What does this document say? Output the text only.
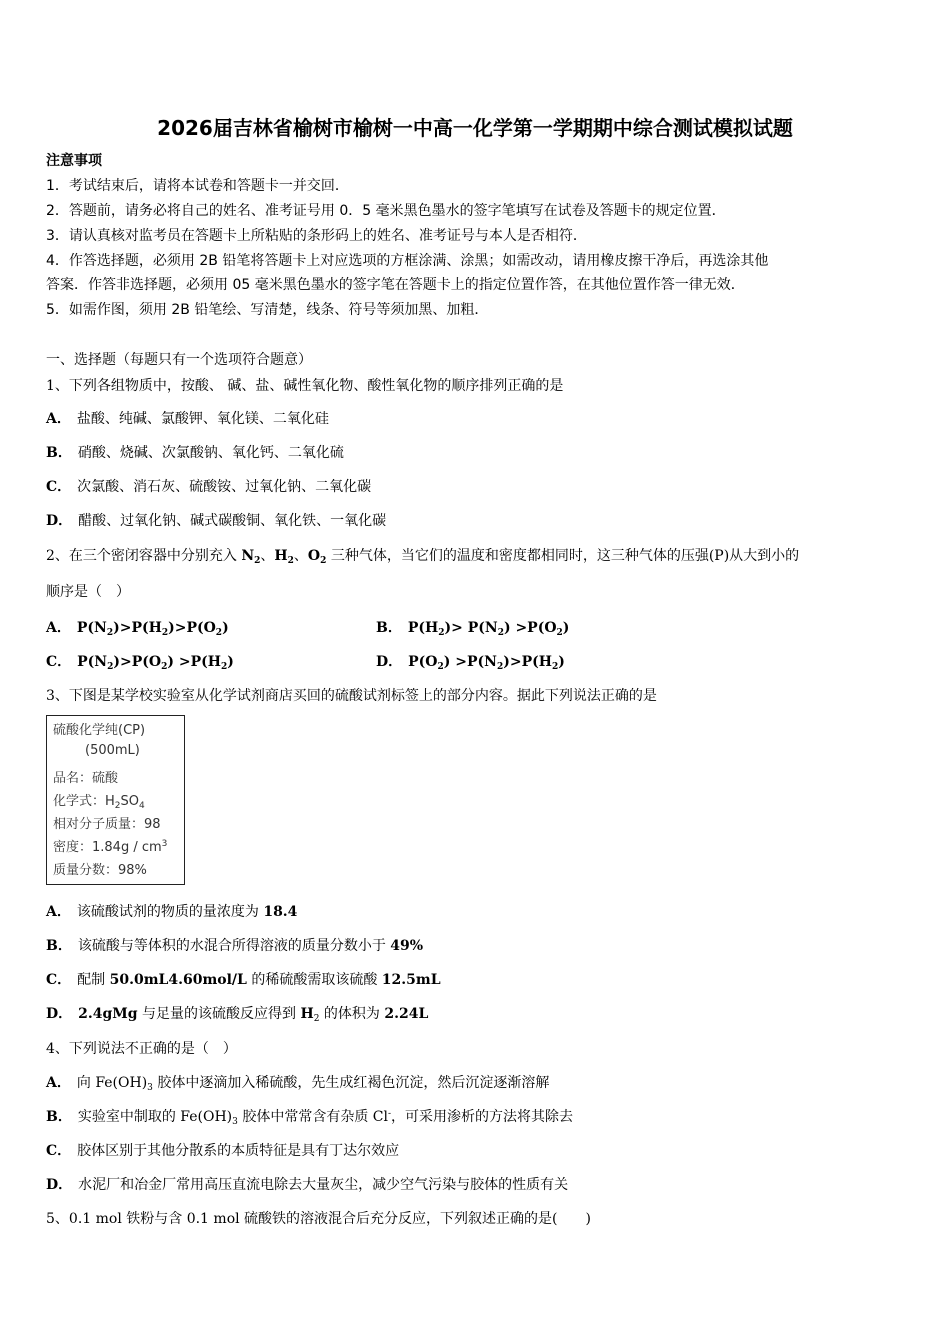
2026届吉林省榆树市榆树一中高一化学第一学期期中综合测试模拟试题
注意事项
1．考试结束后，请将本试卷和答题卡一并交回．
2．答题前，请务必将自己的姓名、准考证号用 0．5 毫米黑色墨水的签字笔填写在试卷及答题卡的规定位置．
3．请认真核对监考员在答题卡上所粘贴的条形码上的姓名、准考证号与本人是否相符．
4．作答选择题，必须用 2B 铅笔将答题卡上对应选项的方框涂满、涂黑；如需改动，请用橡皮擦干净后，再选涂其他
答案．作答非选择题，必须用 05 毫米黑色墨水的签字笔在答题卡上的指定位置作答，在其他位置作答一律无效．
5．如需作图，须用 2B 铅笔绘、写清楚，线条、符号等须加黑、加粗．
一、选择题（每题只有一个选项符合题意）
1、下列各组物质中，按酸、 碱、盐、碱性氧化物、酸性氧化物的顺序排列正确的是
A． 盐酸、纯碱、氯酸钾、氧化镁、二氧化硅
B． 硝酸、烧碱、次氯酸钠、氧化钙、二氧化硫
C． 次氯酸、消石灰、硫酸铵、过氧化钠、二氧化碳
D． 醋酸、过氧化钠、碱式碳酸铜、氧化铁、一氧化碳
2、在三个密闭容器中分别充入 $N_2$、$H_2$、$O_2$ 三种气体，当它们的温度和密度都相同时，这三种气体的压强(P)从大到小的
顺序是（　）
A． $P(N_2)>P(H_2)>P(O_2)$	B． $P(H_2)> P(N_2) >P(O_2)$
C． $P(N_2)>P(O_2) >P(H_2)$	D． $P(O_2) >P(N_2)>P(H_2)$
3、下图是某学校实验室从化学试剂商店买回的硫酸试剂标签上的部分内容。据此下列说法正确的是
硫酸化学纯(CP)
(500mL)
品名：硫酸
化学式：$H_2SO_4$
相对分子质量：98
密度：$1.84g / cm^3$
质量分数：98%
A． 该硫酸试剂的物质的量浓度为 18.4
B． 该硫酸与等体积的水混合所得溶液的质量分数小于 49%
C． 配制 50.0mL4.60mol/L 的稀硫酸需取该硫酸 12.5mL
D． 2.4gMg 与足量的该硫酸反应得到 $H_2$ 的体积为 2.24L
4、下列说法不正确的是（　）
A． 向 $Fe(OH)_3$ 胶体中逐滴加入稀硫酸，先生成红褐色沉淀，然后沉淀逐渐溶解
B． 实验室中制取的 $Fe(OH)_3$ 胶体中常常含有杂质 Cl-，可采用渗析的方法将其除去
C． 胶体区别于其他分散系的本质特征是具有丁达尔效应
D． 水泥厂和冶金厂常用高压直流电除去大量灰尘，减少空气污染与胶体的性质有关
5、0.1 mol 铁粉与含 0.1 mol 硫酸铁的溶液混合后充分反应，下列叙述正确的是(　　)
